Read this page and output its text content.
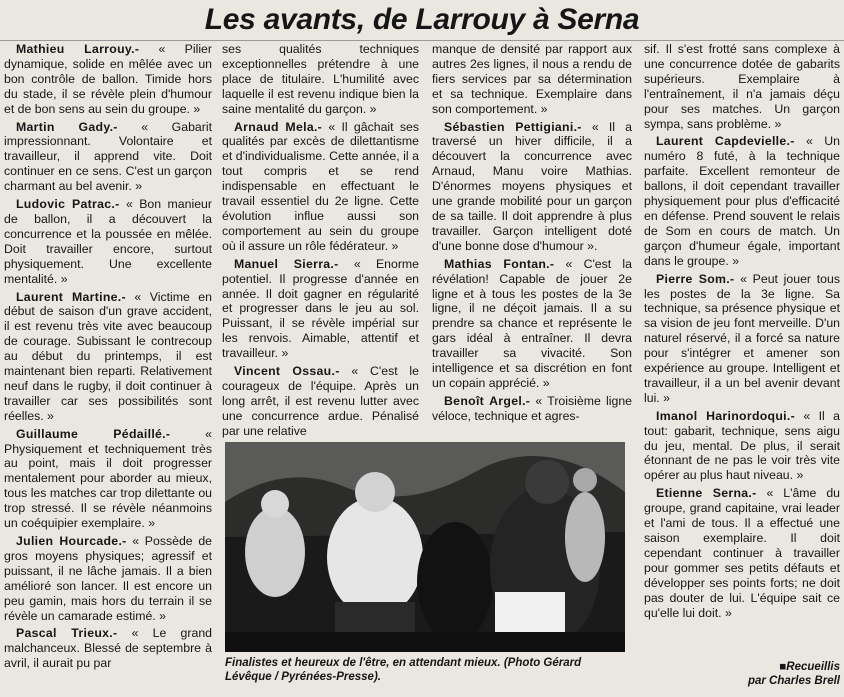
Les avants, de Larrouy à Serna

Mathieu Larrouy.- « Pilier dynamique, solide en mêlée avec un bon contrôle de ballon. Timide hors du stade, il se révèle plein d'humour et de bon sens au sein du groupe. »

Martin Gady.- « Gabarit impressionnant. Volontaire et travailleur, il apprend vite. Doit continuer en ce sens. C'est un garçon charmant au bel avenir. »

Ludovic Patrac.- « Bon manieur de ballon, il a découvert la concurrence et la poussée en mêlée. Doit travailler encore, surtout physiquement. Une excellente mentalité. »

Laurent Martine.- « Victime en début de saison d'un grave accident, il est revenu très vite avec beaucoup de courage. Subissant le contrecoup au début du printemps, il est maintenant bien reparti. Relativement neuf dans le rugby, il doit continuer à travailler car ses possibilités sont réelles. »

Guillaume Pédaillé.- « Physiquement et techniquement très au point, mais il doit progresser mentalement pour aborder au mieux, tous les matches car trop dilettante ou trop stressé. Il se révèle néanmoins un coéquipier exemplaire. »

Julien Hourcade.- « Possède de gros moyens physiques; agressif et puissant, il ne lâche jamais. Il a bien amélioré son lancer. Il est encore un peu gamin, mais hors du terrain il se révèle un camarade estimé. »

Pascal Trieux.- « Le grand malchanceux. Blessé de septembre à avril, il aurait pu par

ses qualités techniques exceptionnelles prétendre à une place de titulaire. L'humilité avec laquelle il est revenu indique bien la saine mentalité du garçon. »

Arnaud Mela.- « Il gâchait ses qualités par excès de dilettantisme et d'individualisme. Cette année, il a tout compris et se rend indispensable en effectuant le travail essentiel du 2e ligne. Cette évolution influe aussi son comportement au sein du groupe où il assure un rôle fédérateur. »

Manuel Sierra.- « Enorme potentiel. Il progresse d'année en année. Il doit gagner en régularité et progresser dans le jeu au sol. Puissant, il se révèle impérial sur les renvois. Aimable, attentif et travailleur. »

Vincent Ossau.- « C'est le courageux de l'équipe. Après un long arrêt, il est revenu lutter avec une concurrence ardue. Pénalisé par une relative

manque de densité par rapport aux autres 2es lignes, il nous a rendu de fiers services par sa détermination et sa technique. Exemplaire dans son comportement. »

Sébastien Pettigiani.- « Il a traversé un hiver difficile, il a découvert la concurrence avec Arnaud, Manu voire Mathias. D'énormes moyens physiques et une grande mobilité pour un garçon de sa taille. Il doit apprendre à plus travailler. Garçon intelligent doté d'une bonne dose d'humour ».

Mathias Fontan.- « C'est la révélation! Capable de jouer 2e ligne et à tous les postes de la 3e ligne, il ne déçoit jamais. Il a su prendre sa chance et représente le gars idéal à entraîner. Il devra travailler sa vivacité. Son intelligence et sa discrétion en font un copain apprécié. »

Benoît Argel.- « Troisième ligne véloce, technique et agres-

sif. Il s'est frotté sans complexe à une concurrence dotée de gabarits supérieurs. Exemplaire à l'entraînement, il n'a jamais déçu pour ses matches. Un garçon sympa, sans problème. »

Laurent Capdevielle.- « Un numéro 8 futé, à la technique parfaite. Excellent remonteur de ballons, il doit cependant travailler physiquement pour plus d'efficacité en défense. Prend souvent le relais de Som en cours de match. Un garçon d'humeur égale, important dans le groupe. »

Pierre Som.- « Peut jouer tous les postes de la 3e ligne. Sa technique, sa présence physique et sa vision de jeu font merveille. D'un naturel réservé, il a forcé sa nature pour s'intégrer et amener son expérience au groupe. Intelligent et travailleur, il a un bel avenir devant lui. »

Imanol Harinordoqui.- « Il a tout: gabarit, technique, sens aigu du jeu, mental. De plus, il serait étonnant de ne pas le voir très vite opérer au plus haut niveau. »

Etienne Serna.- « L'âme du groupe, grand capitaine, vrai leader et l'ami de tous. Il a effectué une saison exemplaire. Il doit cependant continuer à travailler pour gommer ses petits défauts et développer ses points forts; ne doit pas douter de lui. L'équipe sait ce qu'elle lui doit. »

Finalistes et heureux de l'être, en attendant mieux. (Photo Gérard Lévêque / Pyrénées-Presse).
■Recueillis
par Charles Brell
